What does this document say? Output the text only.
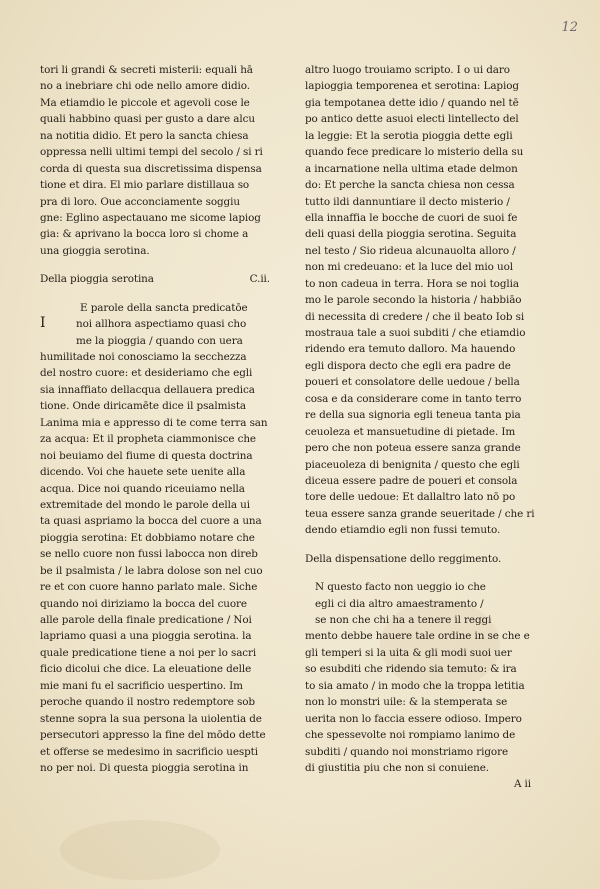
12
tori li grandi & secreti misterii: equali hā
no a inebriare chi ode nello amore didio.
Ma etiamdio le piccole et agevoli cose le
quali habbino quasi per gusto a dare alcu
na notitia didio. Et pero la sancta chiesa
oppressa nelli ultimi tempi del secolo / si ri
corda di questa sua discretissima dispensa
tione et dira. El mio parlare distillaua so
pra di loro. Oue acconciamente soggiu
gne: Eglino aspectauano me sicome lapiog
gia: & aprivano la bocca loro si chome a
una gioggia serotina.
Della pioggia serotina	C.ii.
I
E parole della sancta predicatōe
noi allhora aspectiamo quasi cho
me la pioggia / quando con uera
humilitade noi conosciamo la secchezza
del nostro cuore: et desideriamo che egli
sia innaffiato dellacqua dellauera predica
tione. Onde diricamēte dice il psalmista
Lanima mia e appresso di te come terra san
za acqua: Et il propheta ciammonisce che
noi beuiamo del fiume di questa doctrina
dicendo. Voi che hauete sete uenite alla
acqua. Dice noi quando riceuiamo nella
extremitade del mondo le parole della ui
ta quasi aspriamo la bocca del cuore a una
pioggia serotina: Et dobbiamo notare che
se nello cuore non fussi labocca non direb
be il psalmista / le labra dolose son nel cuo
re et con cuore hanno parlato male. Siche
quando noi diriziamo la bocca del cuore
alle parole della finale predicatione / Noi
lapriamo quasi a una pioggia serotina. la
quale predicatione tiene a noi per lo sacri
ficio dicolui che dice. La eleuatione delle
mie mani fu el sacrificio uespertino. Im
peroche quando il nostro redemptore sob
stenne sopra la sua persona la uiolentia de
persecutori appresso la fine del mōdo dette
et offerse se medesimo in sacrificio uespti
no per noi. Di questa pioggia serotina in
altro luogo trouiamo scripto. I o ui daro
lapioggia temporenea et serotina: Lapiog
gia tempotanea dette idio / quando nel tē
po antico dette asuoi electi lintellecto del
la leggie: Et la serotia pioggia dette egli
quando fece predicare lo misterio della su
a incarnatione nella ultima etade delmon
do: Et perche la sancta chiesa non cessa
tutto ildi dannuntiare il decto misterio /
ella innaffia le bocche de cuori de suoi fe
deli quasi della pioggia serotina. Seguita
nel testo / Sio rideua alcunauolta alloro /
non mi credeuano: et la luce del mio uol
to non cadeua in terra. Hora se noi toglia
mo le parole secondo la historia / habbiāo
di necessita di credere / che il beato Iob si
mostraua tale a suoi subditi / che etiamdio
ridendo era temuto dalloro. Ma hauendo
egli dispora decto che egli era padre de
poueri et consolatore delle uedoue / bella
cosa e da considerare come in tanto terro
re della sua signoria egli teneua tanta pia
ceuoleza et mansuetudine di pietade. Im
pero che non poteua essere sanza grande
piaceuoleza di benignita / questo che egli
diceua essere padre de poueri et consola
tore delle uedoue: Et dallaltro lato nō po
teua essere sanza grande seueritade / che ri
dendo etiamdio egli non fussi temuto.
Della dispensatione dello reggimento.
N questo facto non ueggio io che
egli ci dia altro amaestramento /
se non che chi ha a tenere il reggi
mento debbe hauere tale ordine in se che e
gli temperi si la uita & gli modi suoi uer
so esubditi che ridendo sia temuto: & ira
to sia amato / in modo che la troppa letitia
non lo monstri uile: & la stemperata se
uerita non lo faccia essere odioso. Impero
che spessevolte noi rompiamo lanimo de
subditi / quando noi monstriamo rigore
di giustitia piu che non si conuiene.
A ii
